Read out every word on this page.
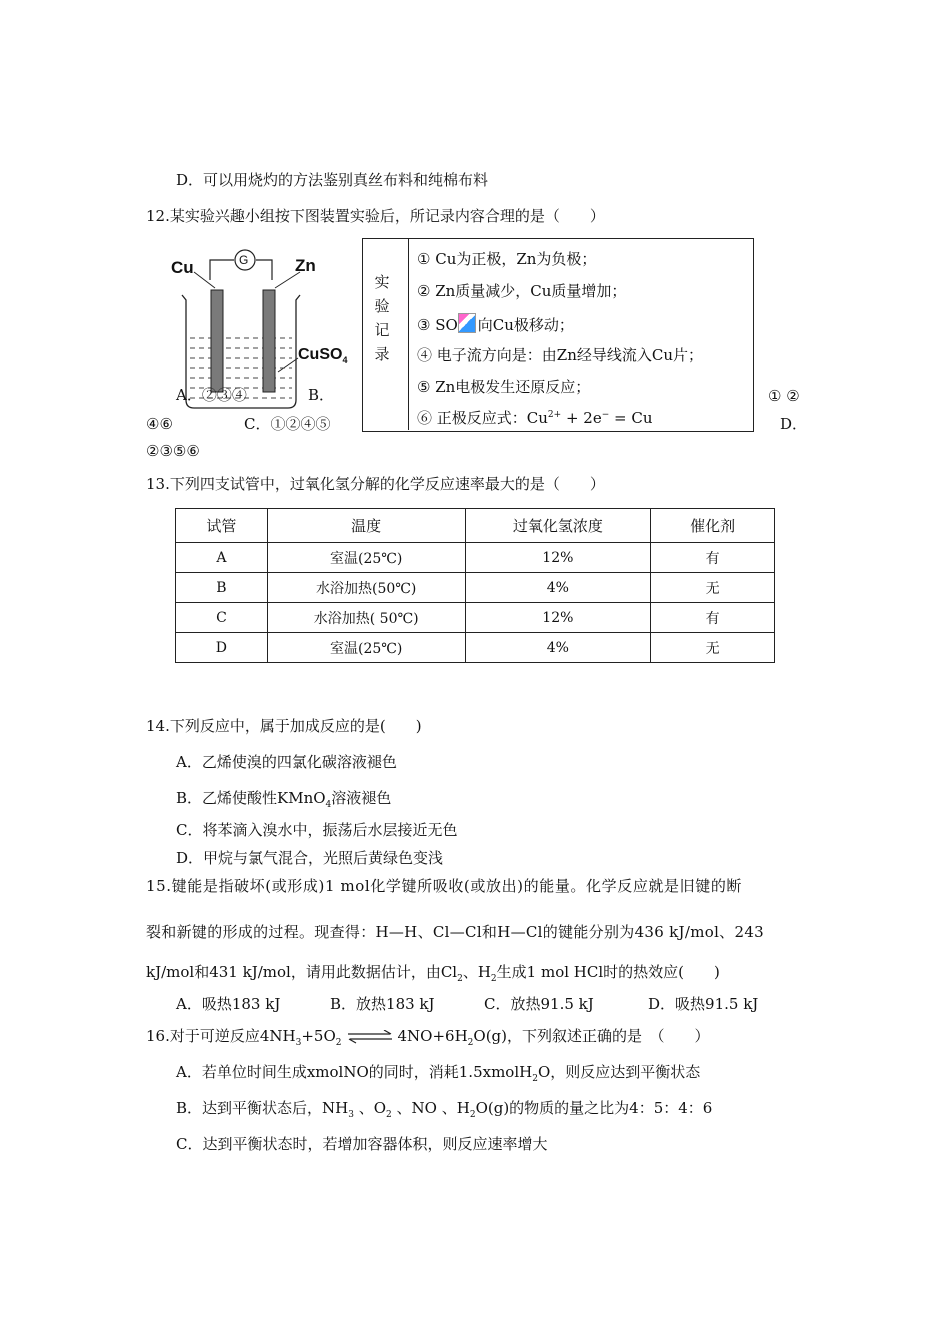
D．可以用烧灼的方法鉴别真丝布料和纯棉布料
12.某实验兴趣小组按下图装置实验后，所记录内容合理的是（　　）
Cu	G	Zn
CuSO$_4$
A．②③④	B．
实
验
记
录
① Cu为正极，Zn为负极；
② Zn质量减少，Cu质量增加；
③ SO 向Cu极移动；
④ 电子流方向是：由Zn经导线流入Cu片；
⑤ Zn电极发生还原反应；
⑥ 正极反应式：$Cu^{2+} + 2e^- = Cu$
① ②
④⑥	C．①②④⑤	D．
②③⑤⑥
13.下列四支试管中，过氧化氢分解的化学反应速率最大的是（　　）
试管	温度	过氧化氢浓度	催化剂
A	室温(25℃)	12%	有
B	水浴加热(50℃)	4%	无
C	水浴加热( 50℃)	12%	有
D	室温(25℃)	4%	无
14.下列反应中，属于加成反应的是(　　)
A．乙烯使溴的四氯化碳溶液褪色
B．乙烯使酸性KMnO$_4$溶液褪色
C．将苯滴入溴水中，振荡后水层接近无色
D．甲烷与氯气混合，光照后黄绿色变浅
15.键能是指破坏(或形成)1 mol化学键所吸收(或放出)的能量。化学反应就是旧键的断
裂和新键的形成的过程。现查得：H—H、Cl—Cl和H—Cl的键能分别为436 kJ/mol、243
kJ/mol和431 kJ/mol，请用此数据估计，由$Cl_2$、$H_2$生成1 mol HCl时的热效应(　　)
A．吸热183 kJ	B．放热183 kJ	C．放热91.5 kJ	D．吸热91.5 kJ
16.对于可逆反应$4NH_3+5O_2$ ⇌ $4NO+6H_2O(g)$，下列叙述正确的是　（　　）
A．若单位时间生成xmolNO的同时，消耗1.5xmolH$_2$O，则反应达到平衡状态
B．达到平衡状态后，$NH_3$ 、$O_2$ 、NO 、$H_2O(g)$的物质的量之比为4：5：4：6
C．达到平衡状态时，若增加容器体积，则反应速率增大
